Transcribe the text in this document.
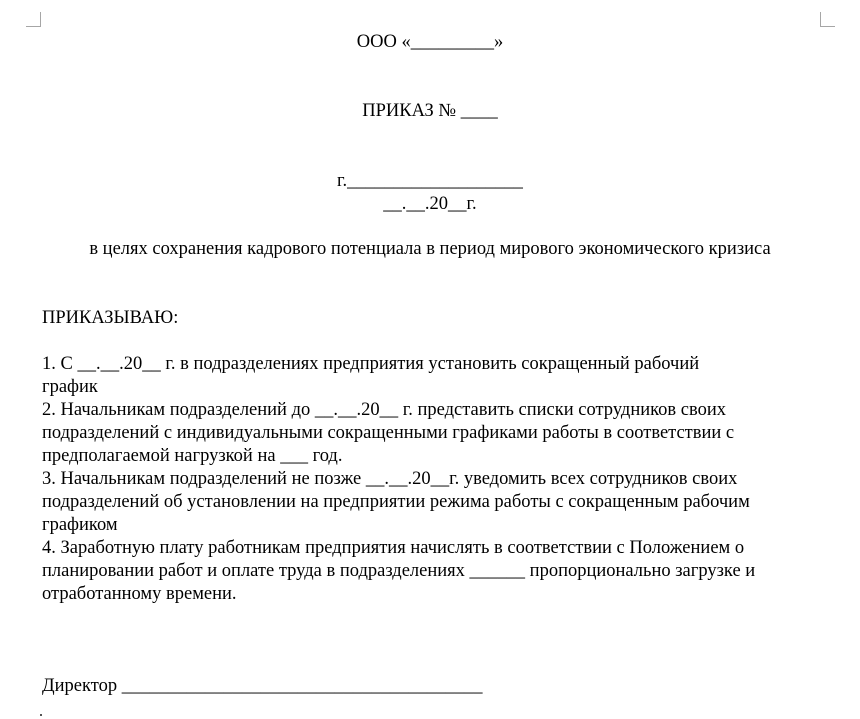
ООО «_________»
ПРИКАЗ № ____
г.___________________
__.__.20__г.
в целях сохранения кадрового потенциала в период мирового экономического кризиса
ПРИКАЗЫВАЮ:
1. С __.__.20__ г. в подразделениях предприятия установить сокращенный рабочий
график
2. Начальникам подразделений до __.__.20__ г. представить списки сотрудников своих
подразделений с индивидуальными сокращенными графиками работы в соответствии с
предполагаемой нагрузкой на ___ год.
3. Начальникам подразделений не позже __.__.20__г. уведомить всех сотрудников своих
подразделений об установлении на предприятии режима работы с сокращенным рабочим
графиком
4. Заработную плату работникам предприятия начислять в соответствии с Положением о
планировании работ и оплате труда в подразделениях ______ пропорционально загрузке и
отработанному времени.
Директор _______________________________________
